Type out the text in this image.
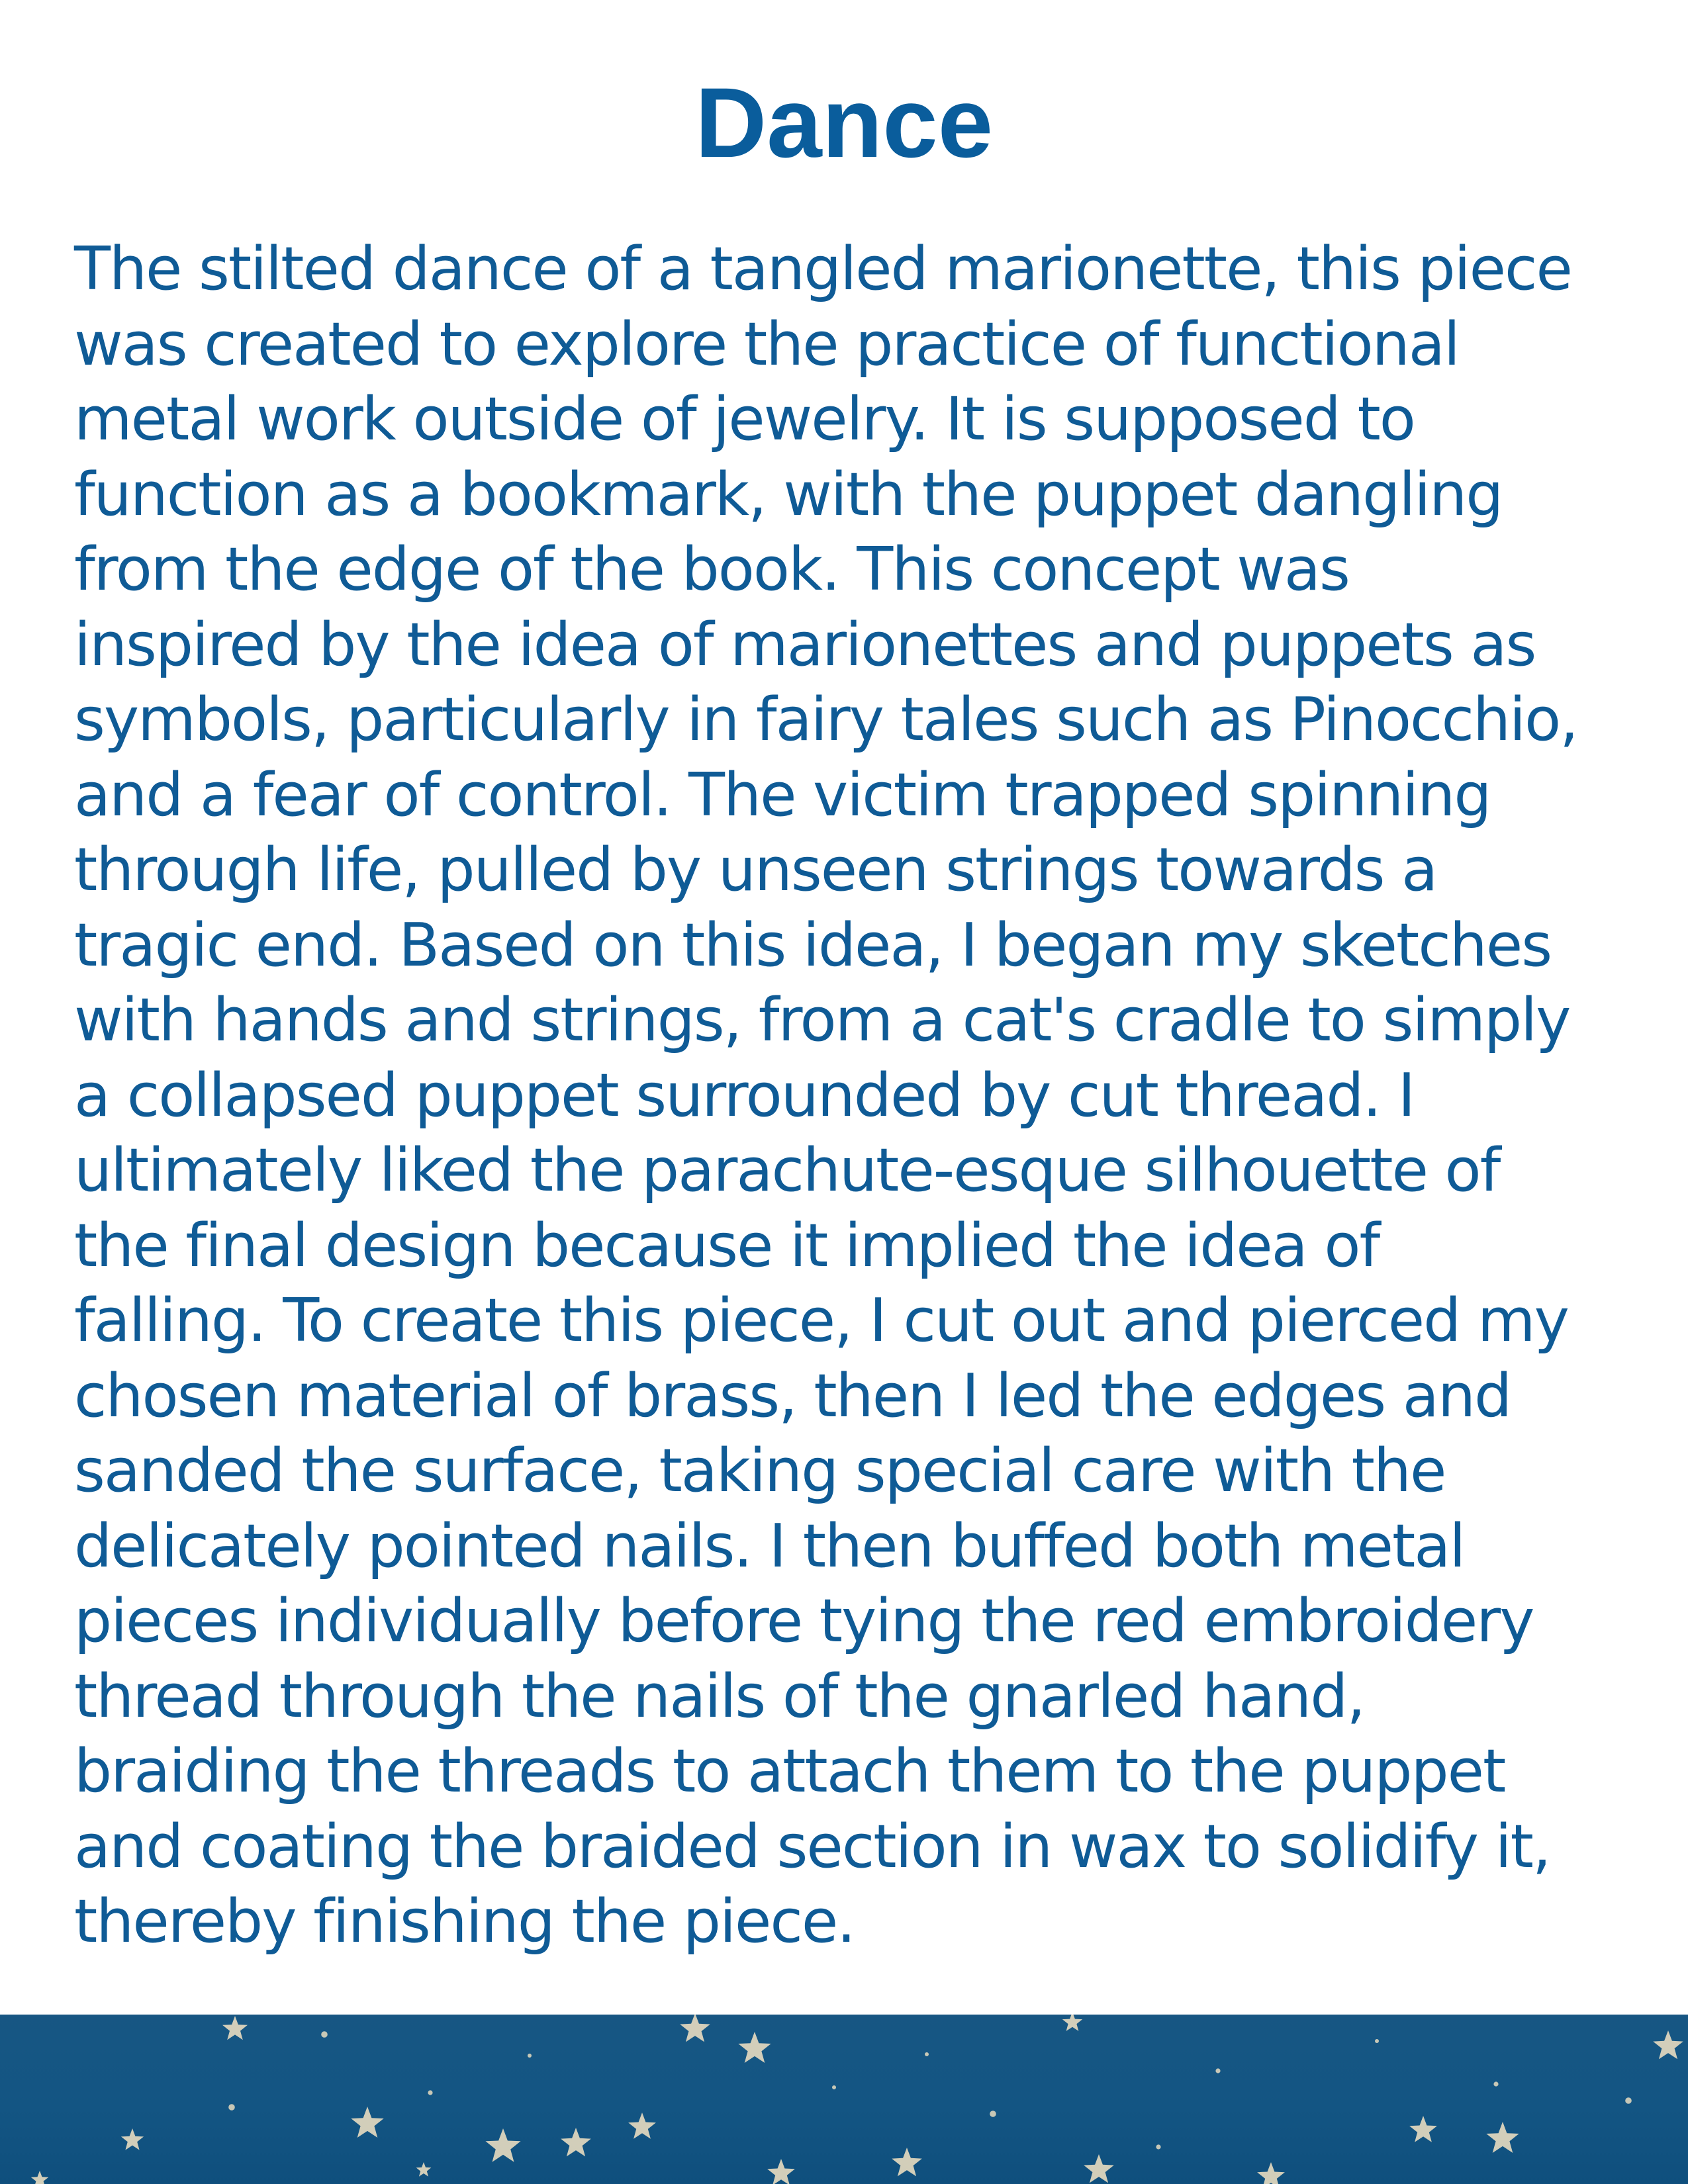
Dance
The stilted dance of a tangled marionette, this piece
was created to explore the practice of functional
metal work outside of jewelry. It is supposed to
function as a bookmark, with the puppet dangling
from the edge of the book. This concept was
inspired by the idea of marionettes and puppets as
symbols, particularly in fairy tales such as Pinocchio,
and a fear of control. The victim trapped spinning
through life, pulled by unseen strings towards a
tragic end. Based on this idea, I began my sketches
with hands and strings, from a cat's cradle to simply
a collapsed puppet surrounded by cut thread. I
ultimately liked the parachute-esque silhouette of
the final design because it implied the idea of
falling. To create this piece, I cut out and pierced my
chosen material of brass, then I led the edges and
sanded the surface, taking special care with the
delicately pointed nails. I then buffed both metal
pieces individually before tying the red embroidery
thread through the nails of the gnarled hand,
braiding the threads to attach them to the puppet
and coating the braided section in wax to solidify it,
thereby finishing the piece.
